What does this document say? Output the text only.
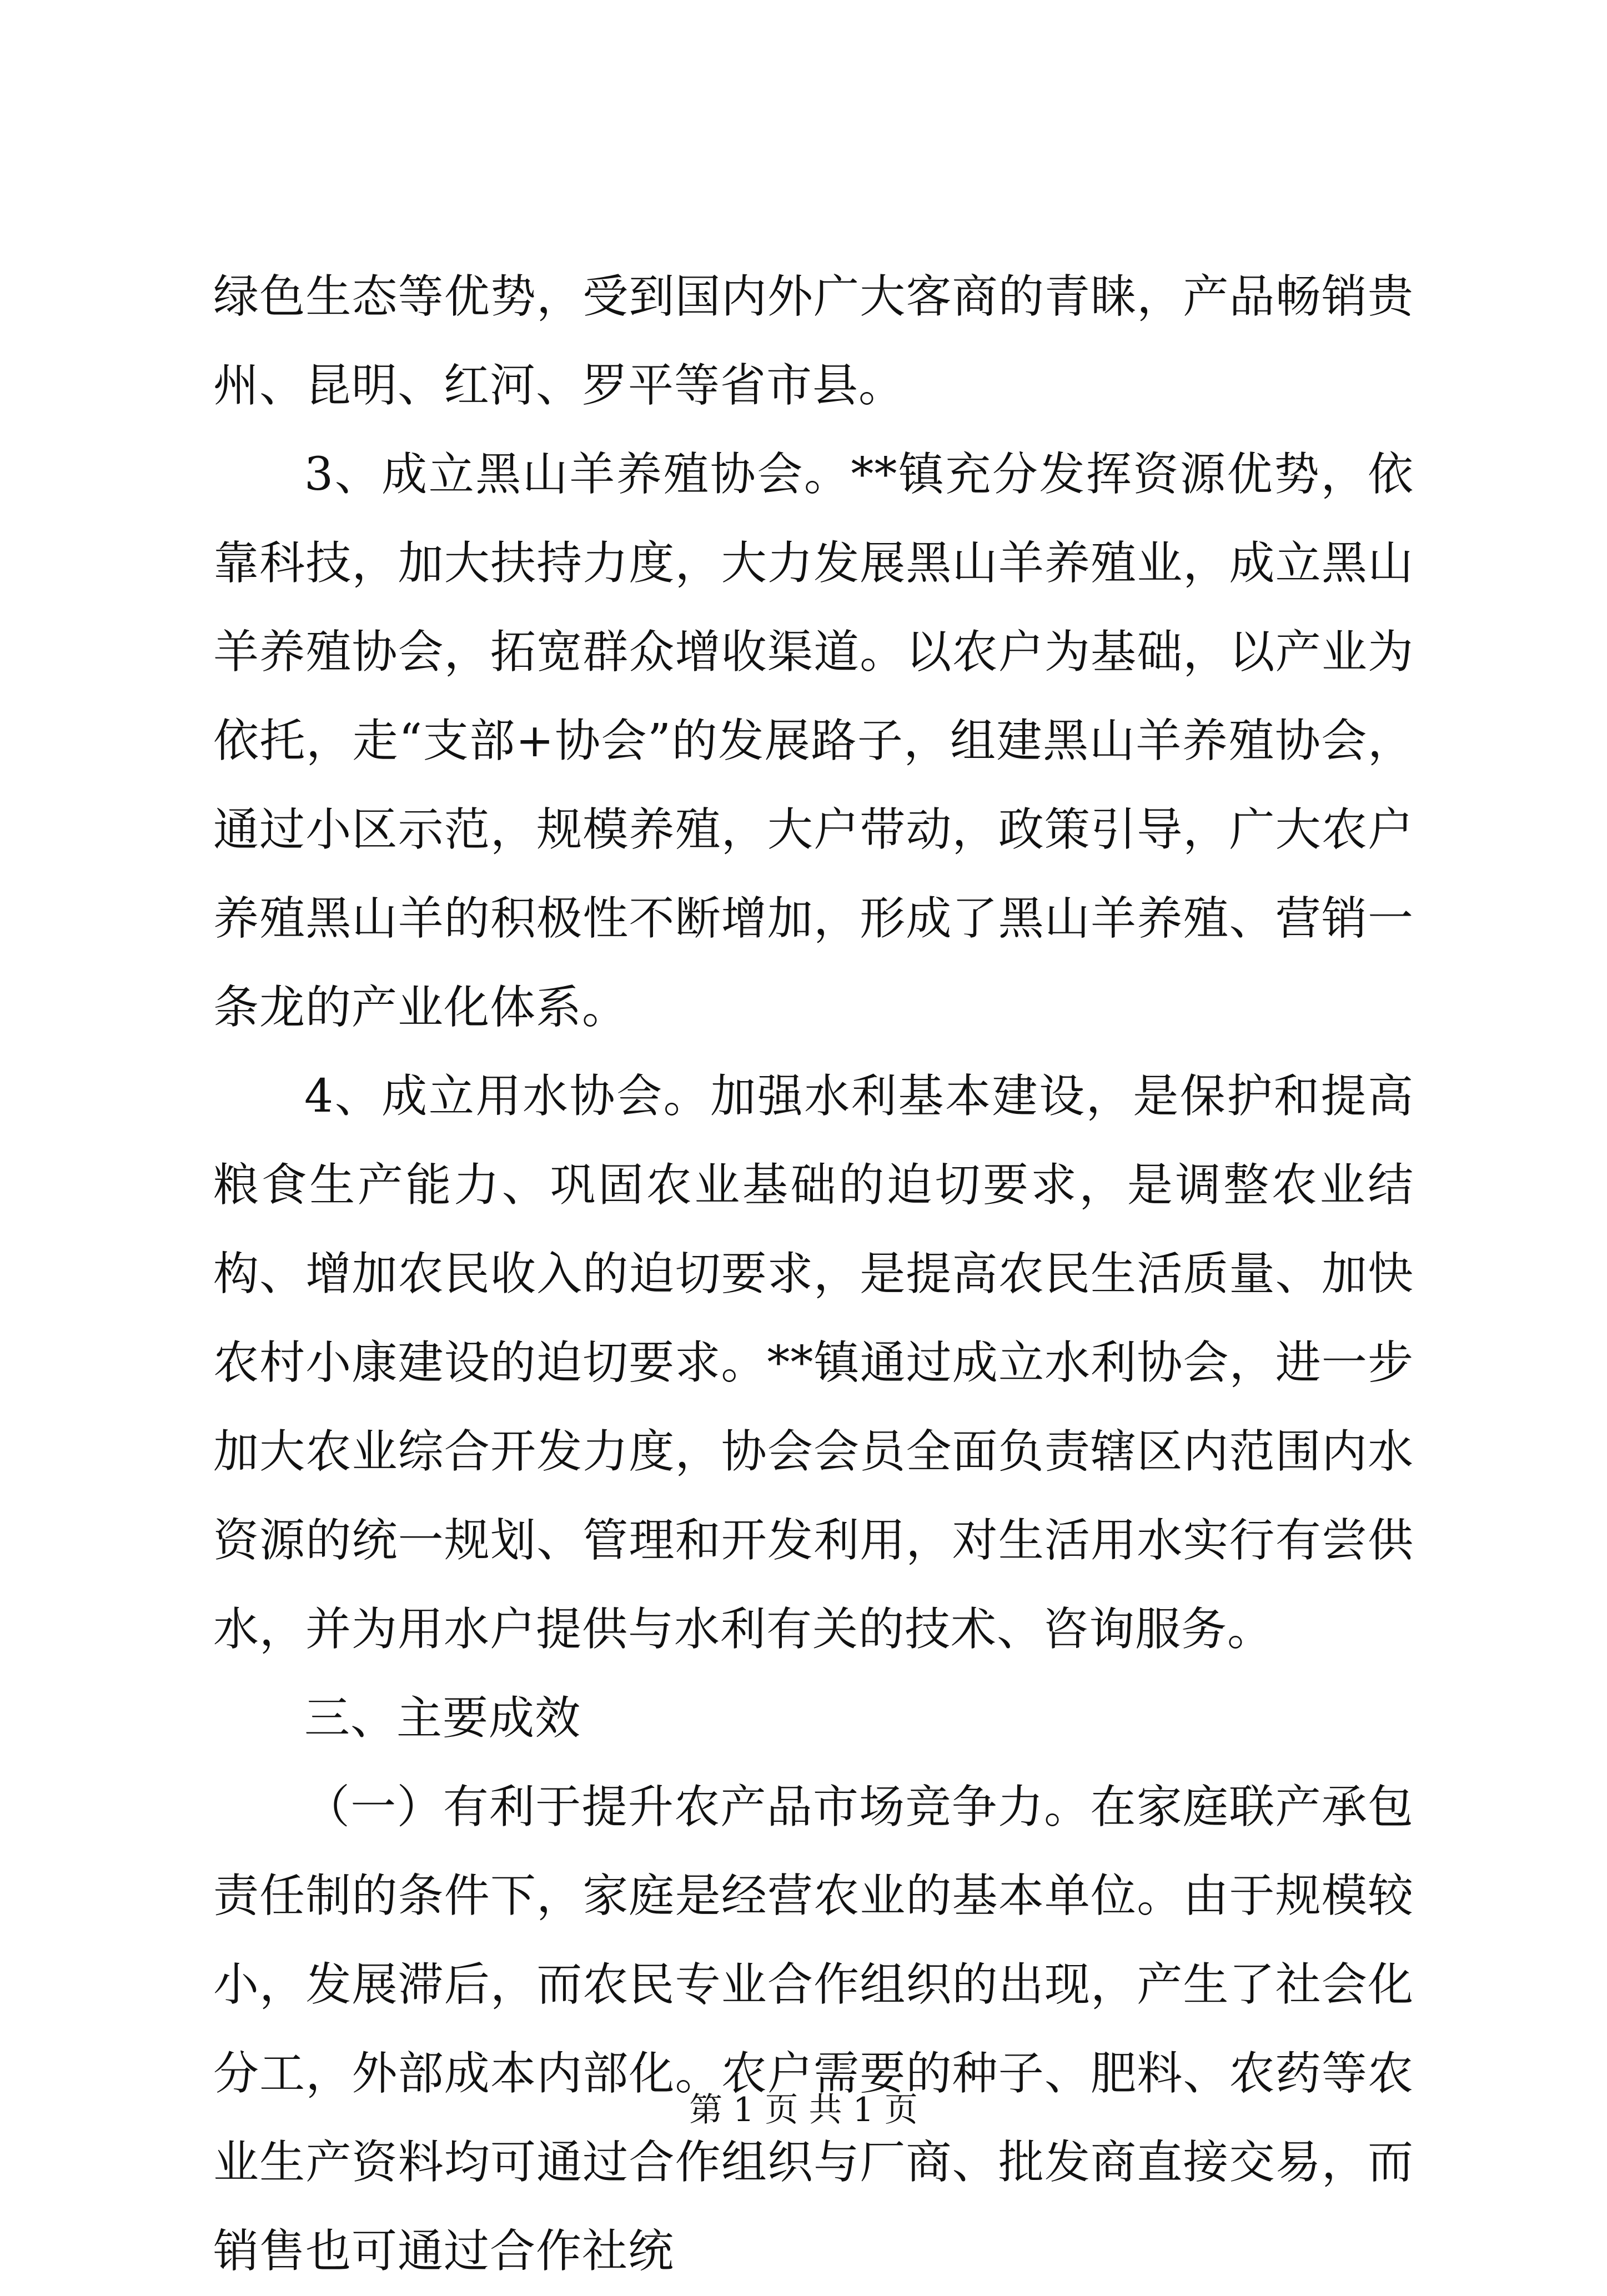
绿色生态等优势，受到国内外广大客商的青睐，产品畅销贵州、昆明、红河、罗平等省市县。

3、成立黑山羊养殖协会。**镇充分发挥资源优势，依靠科技，加大扶持力度，大力发展黑山羊养殖业，成立黑山羊养殖协会，拓宽群众增收渠道。以农户为基础，以产业为依托，走“支部+协会”的发展路子，组建黑山羊养殖协会，通过小区示范，规模养殖，大户带动，政策引导，广大农户养殖黑山羊的积极性不断增加，形成了黑山羊养殖、营销一条龙的产业化体系。

4、成立用水协会。加强水利基本建设，是保护和提高粮食生产能力、巩固农业基础的迫切要求，是调整农业结构、增加农民收入的迫切要求，是提高农民生活质量、加快农村小康建设的迫切要求。**镇通过成立水利协会，进一步加大农业综合开发力度，协会会员全面负责辖区内范围内水资源的统一规划、管理和开发利用，对生活用水实行有尝供水，并为用水户提供与水利有关的技术、咨询服务。

三、主要成效

（一）有利于提升农产品市场竞争力。在家庭联产承包责任制的条件下，家庭是经营农业的基本单位。由于规模较小，发展滞后，而农民专业合作组织的出现，产生了社会化分工，外部成本内部化。农户需要的种子、肥料、农药等农业生产资料均可通过合作组织与厂商、批发商直接交易，而销售也可通过合作社统

第 1 页 共 1 页
